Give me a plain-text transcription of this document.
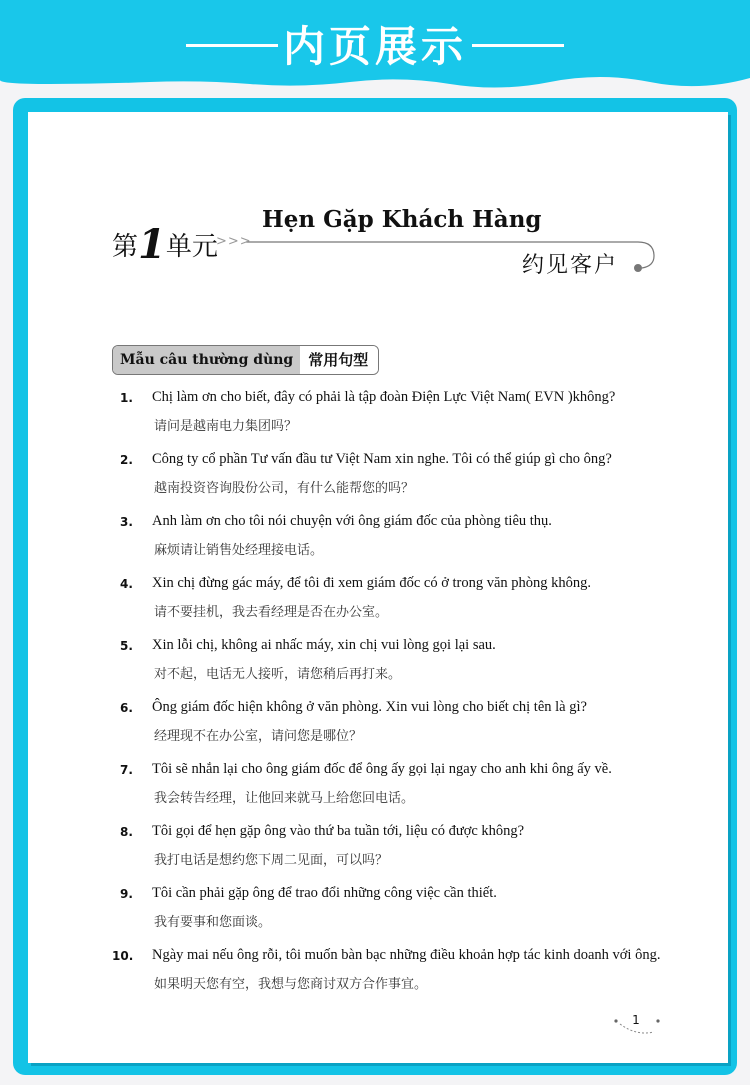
内页展示
第1单元
>>>
Hẹn Gặp Khách Hàng
约见客户
Mẫu câu thường dùng	常用句型
1.	Chị làm ơn cho biết, đây có phải là tập đoàn Điện Lực Việt Nam( EVN )không?
请问是越南电力集团吗？
2.	Công ty cổ phần Tư vấn đầu tư Việt Nam xin nghe. Tôi có thể giúp gì cho ông?
越南投资咨询股份公司，有什么能帮您的吗？
3.	Anh làm ơn cho tôi nói chuyện với ông giám đốc của phòng tiêu thụ.
麻烦请让销售处经理接电话。
4.	Xin chị đừng gác máy, để tôi đi xem giám đốc có ở trong văn phòng không.
请不要挂机，我去看经理是否在办公室。
5.	Xin lỗi chị, không ai nhấc máy, xin chị vui lòng gọi lại sau.
对不起，电话无人接听，请您稍后再打来。
6.	Ông giám đốc hiện không ở văn phòng. Xin vui lòng cho biết chị tên là gì?
经理现不在办公室，请问您是哪位？
7.	Tôi sẽ nhắn lại cho ông giám đốc để ông ấy gọi lại ngay cho anh khi ông ấy về.
我会转告经理，让他回来就马上给您回电话。
8.	Tôi gọi để hẹn gặp ông vào thứ ba tuần tới, liệu có được không?
我打电话是想约您下周二见面，可以吗？
9.	Tôi cần phải gặp ông để trao đổi những công việc cần thiết.
我有要事和您面谈。
10. Ngày mai nếu ông rỗi, tôi muốn bàn bạc những điều khoản hợp tác kinh doanh với ông.
如果明天您有空，我想与您商讨双方合作事宜。
1
